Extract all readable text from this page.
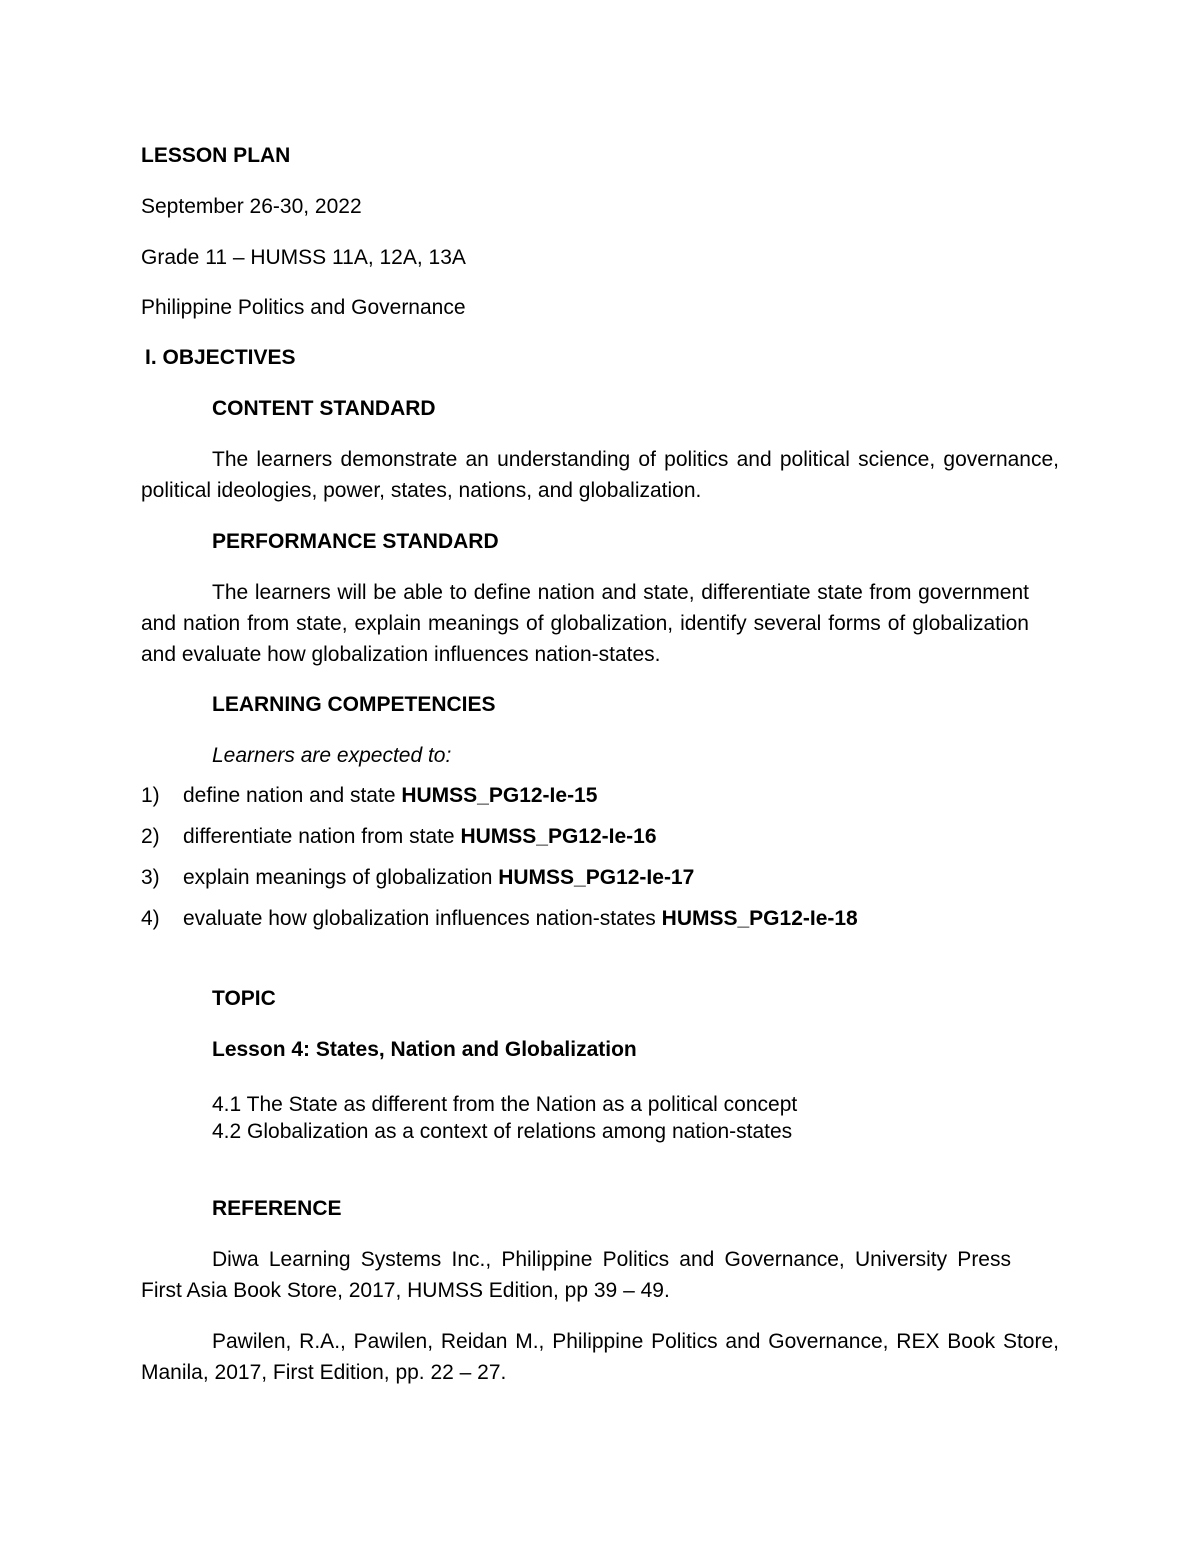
LESSON PLAN
September 26-30, 2022
Grade 11 – HUMSS 11A, 12A, 13A
Philippine Politics and Governance
I. OBJECTIVES
CONTENT STANDARD
The learners demonstrate an understanding of politics and political science, governance, political ideologies, power, states, nations, and globalization.
PERFORMANCE STANDARD
The learners will be able to define nation and state, differentiate state from government and nation from state, explain meanings of globalization, identify several forms of globalization and evaluate how globalization influences nation-states.
LEARNING COMPETENCIES
Learners are expected to:
1) define nation and state HUMSS_PG12-Ie-15
2) differentiate nation from state HUMSS_PG12-Ie-16
3) explain meanings of globalization HUMSS_PG12-Ie-17
4) evaluate how globalization influences nation-states HUMSS_PG12-Ie-18
TOPIC
Lesson 4: States, Nation and Globalization
4.1 The State as different from the Nation as a political concept
4.2 Globalization as a context of relations among nation-states
REFERENCE
Diwa Learning Systems Inc., Philippine Politics and Governance, University Press First Asia Book Store, 2017, HUMSS Edition, pp 39 – 49.
Pawilen, R.A., Pawilen, Reidan M., Philippine Politics and Governance, REX Book Store, Manila, 2017, First Edition, pp. 22 – 27.
